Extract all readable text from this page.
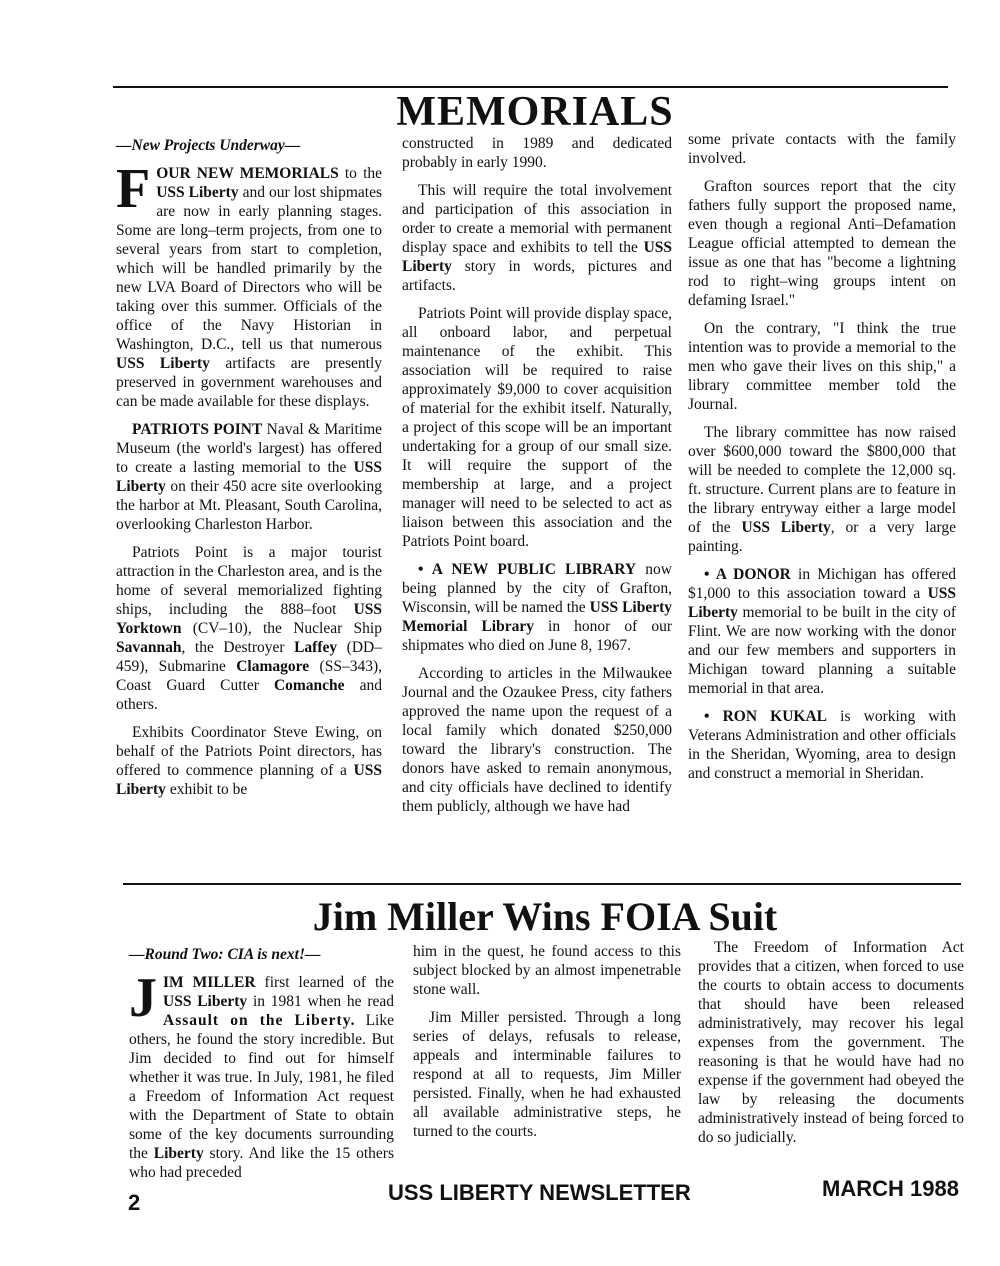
MEMORIALS

—New Projects Underway—

FOUR NEW MEMORIALS to the USS Liberty and our lost shipmates are now in early planning stages. Some are long–term projects, from one to several years from start to completion, which will be handled primarily by the new LVA Board of Directors who will be taking over this summer. Officials of the office of the Navy Historian in Washington, D.C., tell us that numerous USS Liberty artifacts are presently preserved in government warehouses and can be made available for these displays.

PATRIOTS POINT Naval & Maritime Museum (the world's largest) has offered to create a lasting memorial to the USS Liberty on their 450 acre site overlooking the harbor at Mt. Pleasant, South Carolina, overlooking Charleston Harbor.

Patriots Point is a major tourist attraction in the Charleston area, and is the home of several memorialized fighting ships, including the 888–foot USS Yorktown (CV–10), the Nuclear Ship Savannah, the Destroyer Laffey (DD–459), Submarine Clamagore (SS–343), Coast Guard Cutter Comanche and others.

Exhibits Coordinator Steve Ewing, on behalf of the Patriots Point directors, has offered to commence planning of a USS Liberty exhibit to be

constructed in 1989 and dedicated probably in early 1990.

This will require the total involvement and participation of this association in order to create a memorial with permanent display space and exhibits to tell the USS Liberty story in words, pictures and artifacts.

Patriots Point will provide display space, all onboard labor, and perpetual maintenance of the exhibit. This association will be required to raise approximately $9,000 to cover acquisition of material for the exhibit itself. Naturally, a project of this scope will be an important undertaking for a group of our small size. It will require the support of the membership at large, and a project manager will need to be selected to act as liaison between this association and the Patriots Point board.

• A NEW PUBLIC LIBRARY now being planned by the city of Grafton, Wisconsin, will be named the USS Liberty Memorial Library in honor of our shipmates who died on June 8, 1967.

According to articles in the Milwaukee Journal and the Ozaukee Press, city fathers approved the name upon the request of a local family which donated $250,000 toward the library's construction. The donors have asked to remain anonymous, and city officials have declined to identify them publicly, although we have had

some private contacts with the family involved.

Grafton sources report that the city fathers fully support the proposed name, even though a regional Anti–Defamation League official attempted to demean the issue as one that has "become a lightning rod to right–wing groups intent on defaming Israel."

On the contrary, "I think the true intention was to provide a memorial to the men who gave their lives on this ship," a library committee member told the Journal.

The library committee has now raised over $600,000 toward the $800,000 that will be needed to complete the 12,000 sq. ft. structure. Current plans are to feature in the library entryway either a large model of the USS Liberty, or a very large painting.

• A DONOR in Michigan has offered $1,000 to this association toward a USS Liberty memorial to be built in the city of Flint. We are now working with the donor and our few members and supporters in Michigan toward planning a suitable memorial in that area.

• RON KUKAL is working with Veterans Administration and other officials in the Sheridan, Wyoming, area to design and construct a memorial in Sheridan.

Jim Miller Wins FOIA Suit

—Round Two: CIA is next!—

JIM MILLER first learned of the USS Liberty in 1981 when he read Assault on the Liberty. Like others, he found the story incredible. But Jim decided to find out for himself whether it was true. In July, 1981, he filed a Freedom of Information Act request with the Department of State to obtain some of the key documents surrounding the Liberty story. And like the 15 others who had preceded

him in the quest, he found access to this subject blocked by an almost impenetrable stone wall.

Jim Miller persisted. Through a long series of delays, refusals to release, appeals and interminable failures to respond at all to requests, Jim Miller persisted. Finally, when he had exhausted all available administrative steps, he turned to the courts.

The Freedom of Information Act provides that a citizen, when forced to use the courts to obtain access to documents that should have been released administratively, may recover his legal expenses from the government. The reasoning is that he would have had no expense if the government had obeyed the law by releasing the documents administratively instead of being forced to do so judicially.

2	USS LIBERTY NEWSLETTER	MARCH 1988
